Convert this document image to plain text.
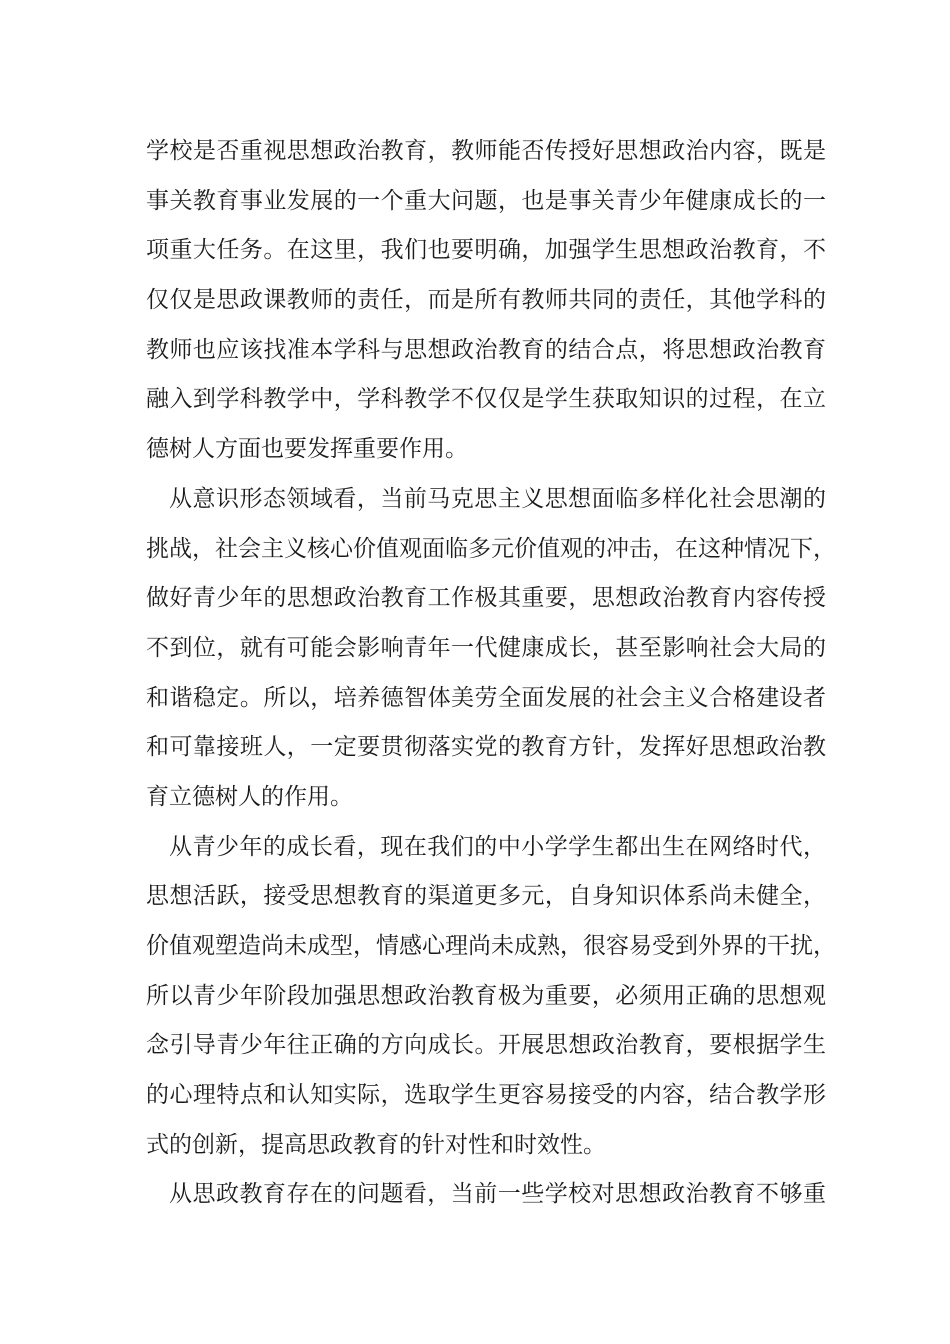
学校是否重视思想政治教育，教师能否传授好思想政治内容，既是
事关教育事业发展的一个重大问题，也是事关青少年健康成长的一
项重大任务。在这里，我们也要明确，加强学生思想政治教育，不
仅仅是思政课教师的责任，而是所有教师共同的责任，其他学科的
教师也应该找准本学科与思想政治教育的结合点，将思想政治教育
融入到学科教学中，学科教学不仅仅是学生获取知识的过程，在立
德树人方面也要发挥重要作用。
从意识形态领域看，当前马克思主义思想面临多样化社会思潮的
挑战，社会主义核心价值观面临多元价值观的冲击，在这种情况下，
做好青少年的思想政治教育工作极其重要，思想政治教育内容传授
不到位，就有可能会影响青年一代健康成长，甚至影响社会大局的
和谐稳定。所以，培养德智体美劳全面发展的社会主义合格建设者
和可靠接班人，一定要贯彻落实党的教育方针，发挥好思想政治教
育立德树人的作用。
从青少年的成长看，现在我们的中小学学生都出生在网络时代，
思想活跃，接受思想教育的渠道更多元，自身知识体系尚未健全，
价值观塑造尚未成型，情感心理尚未成熟，很容易受到外界的干扰，
所以青少年阶段加强思想政治教育极为重要，必须用正确的思想观
念引导青少年往正确的方向成长。开展思想政治教育，要根据学生
的心理特点和认知实际，选取学生更容易接受的内容，结合教学形
式的创新，提高思政教育的针对性和时效性。
从思政教育存在的问题看，当前一些学校对思想政治教育不够重
